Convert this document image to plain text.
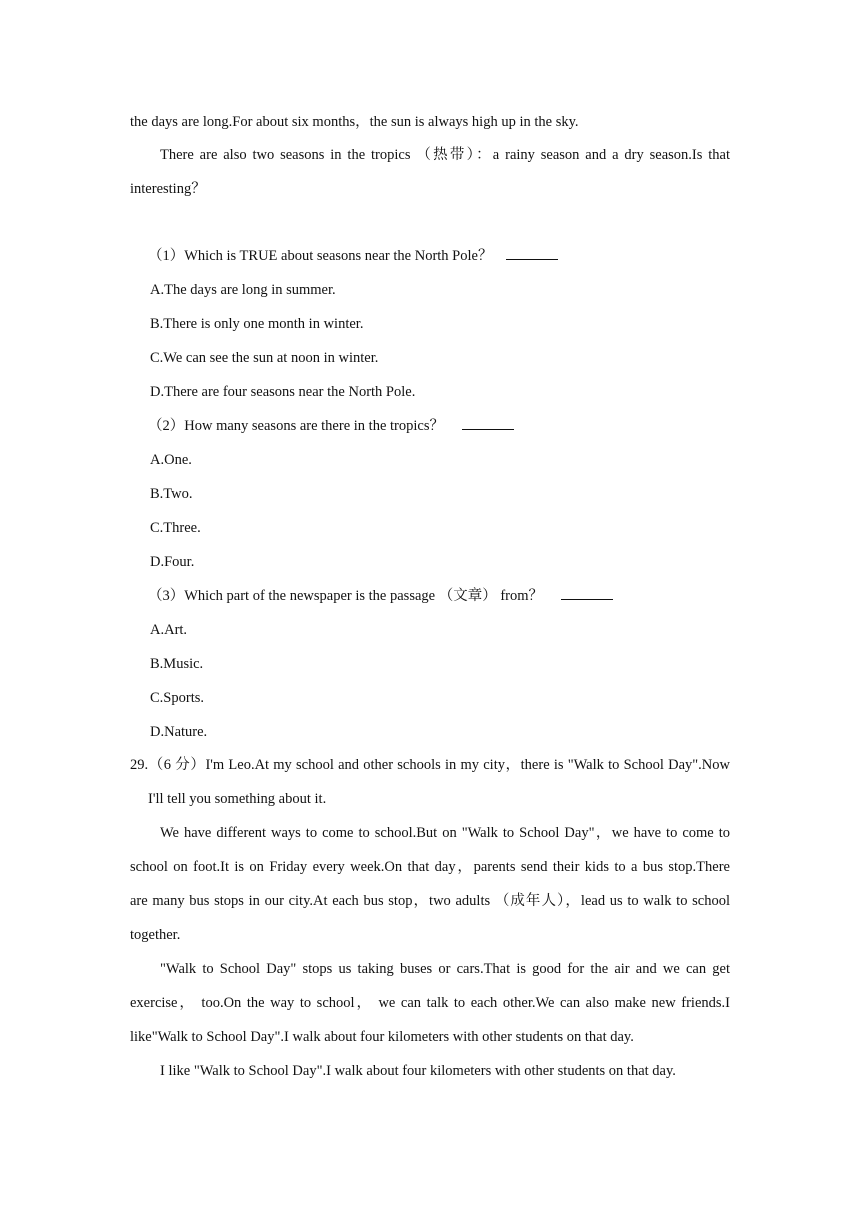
the days are long.For about six months，the sun is always high up in the sky.
There are also two seasons in the tropics （热带）：a rainy season and a dry season.Is that
interesting？
（1）Which is TRUE about seasons near the North Pole？
A.The days are long in summer.
B.There is only one month in winter.
C.We can see the sun at noon in winter.
D.There are four seasons near the North Pole.
（2）How many seasons are there in the tropics？
A.One.
B.Two.
C.Three.
D.Four.
（3）Which part of the newspaper is the passage （文章） from？
A.Art.
B.Music.
C.Sports.
D.Nature.
29.（6 分）I'm Leo.At my school and other schools in my city，there is "Walk to School Day".Now
I'll tell you something about it.
We have different ways to come to school.But on "Walk to School Day"，we have to come to
school on foot.It is on Friday every week.On that day，parents send their kids to a bus stop.There
are many bus stops in our city.At each bus stop，two adults （成年人），lead us to walk to school
together.
"Walk to School Day" stops us taking buses or cars.That is good for the air and we can get
exercise， too.On the way to school， we can talk to each other.We can also make new friends.I
like"Walk to School Day".I walk about four kilometers with other students on that day.
I like "Walk to School Day".I walk about four kilometers with other students on that day.
